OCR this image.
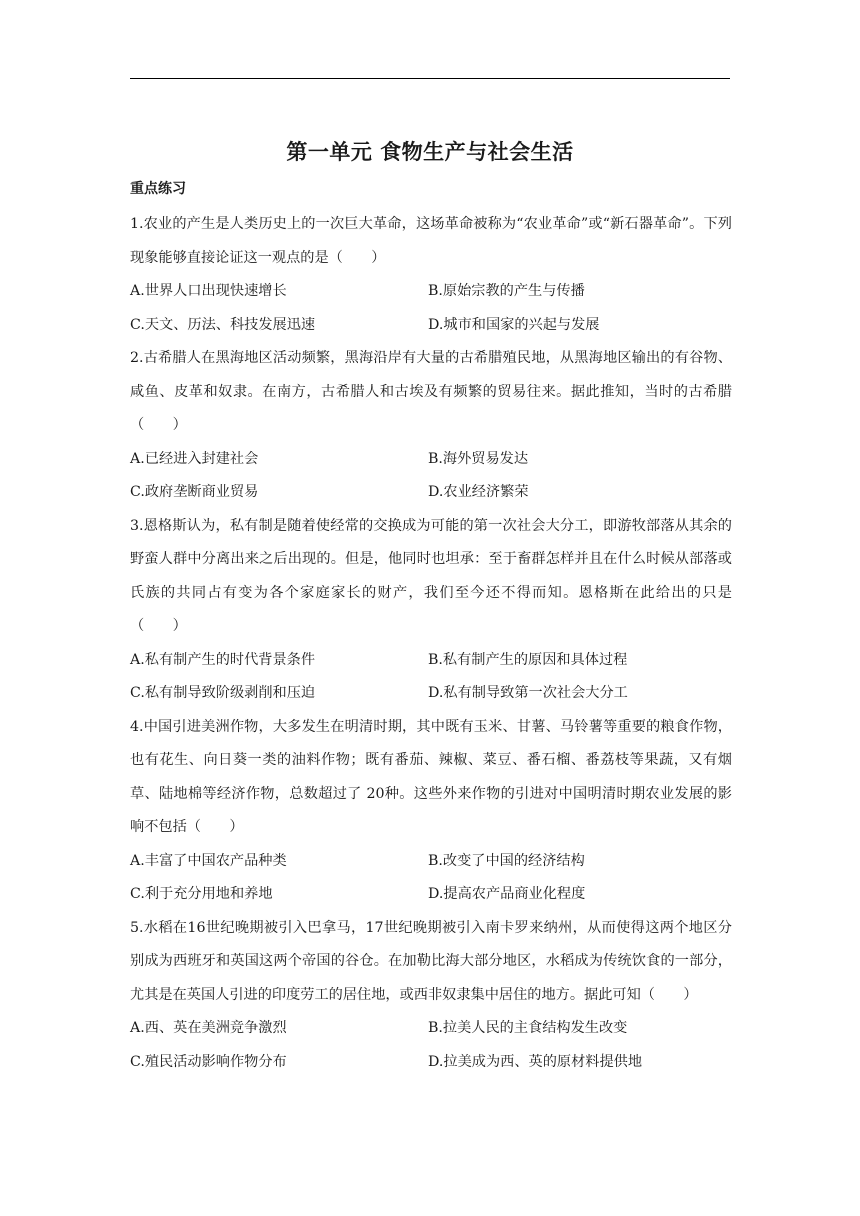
第一单元 食物生产与社会生活
重点练习
1.农业的产生是人类历史上的一次巨大革命，这场革命被称为“农业革命”或“新石器革命”。下列现象能够直接论证这一观点的是（　　）
A.世界人口出现快速增长	B.原始宗教的产生与传播
C.天文、历法、科技发展迅速	D.城市和国家的兴起与发展
2.古希腊人在黑海地区活动频繁，黑海沿岸有大量的古希腊殖民地，从黑海地区输出的有谷物、咸鱼、皮革和奴隶。在南方，古希腊人和古埃及有频繁的贸易往来。据此推知，当时的古希腊（　　）
A.已经进入封建社会	B.海外贸易发达
C.政府垄断商业贸易	D.农业经济繁荣
3.恩格斯认为，私有制是随着使经常的交换成为可能的第一次社会大分工，即游牧部落从其余的野蛮人群中分离出来之后出现的。但是，他同时也坦承：至于畜群怎样并且在什么时候从部落或氏族的共同占有变为各个家庭家长的财产，我们至今还不得而知。恩格斯在此给出的只是（　　）
A.私有制产生的时代背景条件	B.私有制产生的原因和具体过程
C.私有制导致阶级剥削和压迫	D.私有制导致第一次社会大分工
4.中国引进美洲作物，大多发生在明清时期，其中既有玉米、甘薯、马铃薯等重要的粮食作物，也有花生、向日葵一类的油料作物；既有番茄、辣椒、菜豆、番石榴、番荔枝等果蔬，又有烟草、陆地棉等经济作物，总数超过了 20种。这些外来作物的引进对中国明清时期农业发展的影响不包括（　　）
A.丰富了中国农产品种类	B.改变了中国的经济结构
C.利于充分用地和养地	D.提高农产品商业化程度
5.水稻在16世纪晚期被引入巴拿马，17世纪晚期被引入南卡罗来纳州，从而使得这两个地区分别成为西班牙和英国这两个帝国的谷仓。在加勒比海大部分地区，水稻成为传统饮食的一部分，尤其是在英国人引进的印度劳工的居住地，或西非奴隶集中居住的地方。据此可知（　　）
A.西、英在美洲竞争激烈	B.拉美人民的主食结构发生改变
C.殖民活动影响作物分布	D.拉美成为西、英的原材料提供地
